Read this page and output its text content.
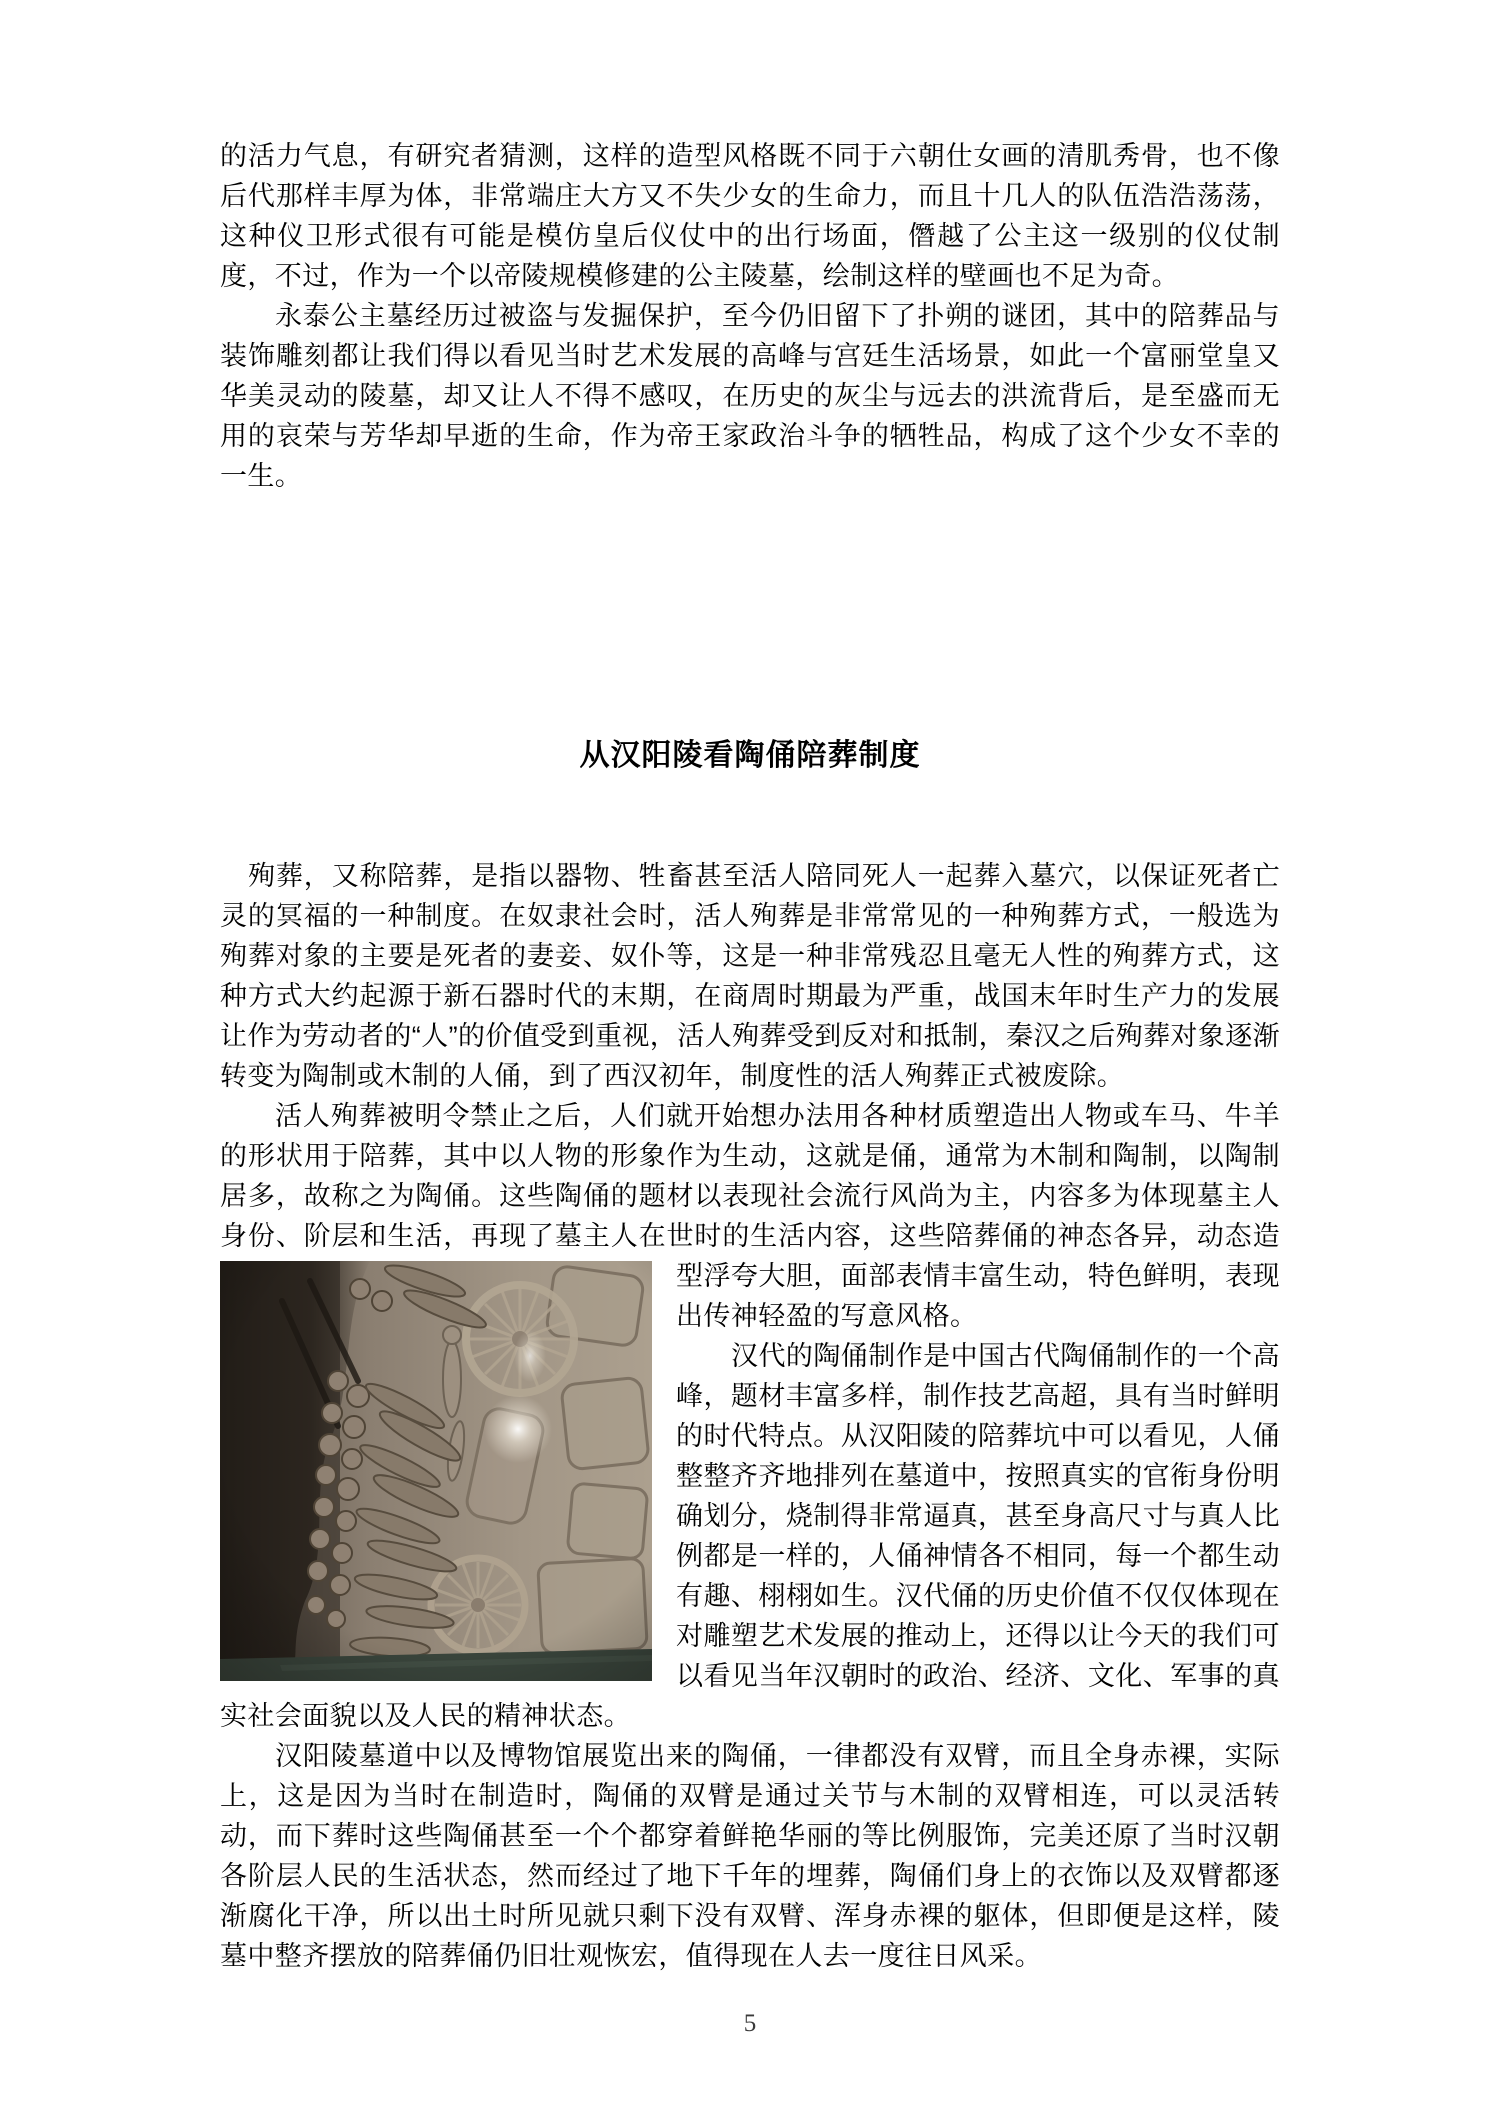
的活力气息，有研究者猜测，这样的造型风格既不同于六朝仕女画的清肌秀骨，也不像后代那样丰厚为体，非常端庄大方又不失少女的生命力，而且十几人的队伍浩浩荡荡，这种仪卫形式很有可能是模仿皇后仪仗中的出行场面，僭越了公主这一级别的仪仗制度，不过，作为一个以帝陵规模修建的公主陵墓，绘制这样的壁画也不足为奇。

永泰公主墓经历过被盗与发掘保护，至今仍旧留下了扑朔的谜团，其中的陪葬品与装饰雕刻都让我们得以看见当时艺术发展的高峰与宫廷生活场景，如此一个富丽堂皇又华美灵动的陵墓，却又让人不得不感叹，在历史的灰尘与远去的洪流背后，是至盛而无用的哀荣与芳华却早逝的生命，作为帝王家政治斗争的牺牲品，构成了这个少女不幸的一生。

从汉阳陵看陶俑陪葬制度

殉葬，又称陪葬，是指以器物、牲畜甚至活人陪同死人一起葬入墓穴，以保证死者亡灵的冥福的一种制度。在奴隶社会时，活人殉葬是非常常见的一种殉葬方式，一般选为殉葬对象的主要是死者的妻妾、奴仆等，这是一种非常残忍且毫无人性的殉葬方式，这种方式大约起源于新石器时代的末期，在商周时期最为严重，战国末年时生产力的发展让作为劳动者的“人”的价值受到重视，活人殉葬受到反对和抵制，秦汉之后殉葬对象逐渐转变为陶制或木制的人俑，到了西汉初年，制度性的活人殉葬正式被废除。

活人殉葬被明令禁止之后，人们就开始想办法用各种材质塑造出人物或车马、牛羊的形状用于陪葬，其中以人物的形象作为生动，这就是俑，通常为木制和陶制，以陶制居多，故称之为陶俑。这些陶俑的题材以表现社会流行风尚为主，内容多为体现墓主人身份、阶层和生活，再现了墓主人在世时的生活内容，这些陪葬俑的神态各异，动态造型浮夸大胆，面部
表情丰富生动，特色鲜明，表现出传神轻盈的写意风格。

汉代的陶俑制作是中国古代陶俑制作的一个高峰，题材丰富多样，制作技艺高超，具有当时鲜明的时代特点。从汉阳陵的陪葬坑中可以看见，人俑整整齐齐地排列在墓道中，按照真实的官衔身份明确划分，烧制得非常逼真，甚至身高尺寸与真人比例都是一样的，人俑神情各不相同，每一个都生动有趣、栩栩如生。汉代俑的历史价值不仅仅体现在对雕塑艺术发展的推动上，还得以让今天的我们可以看见当年汉朝时的政治、经济、文化、军事的真实社会面貌以及人民的精神状态。

汉阳陵墓道中以及博物馆展览出来的陶俑，一律都没有双臂，而且全身赤裸，实际上，这是因为当时在制造时，陶俑的双臂是通过关节与木制的双臂相连，可以灵活转动，而下葬时这些陶俑甚至一个个都穿着鲜艳华丽的等比例服饰，完美还原了当时汉朝各阶层人民的生活状态，然而经过了地下千年的埋葬，陶俑们身上的衣饰以及双臂都逐渐腐化干净，所以出土时所见就只剩下没有双臂、浑身赤裸的躯体，但即便是这样，陵墓中整齐摆放的陪葬俑仍旧壮观恢宏，值得现在人去一度往日风采。

5
